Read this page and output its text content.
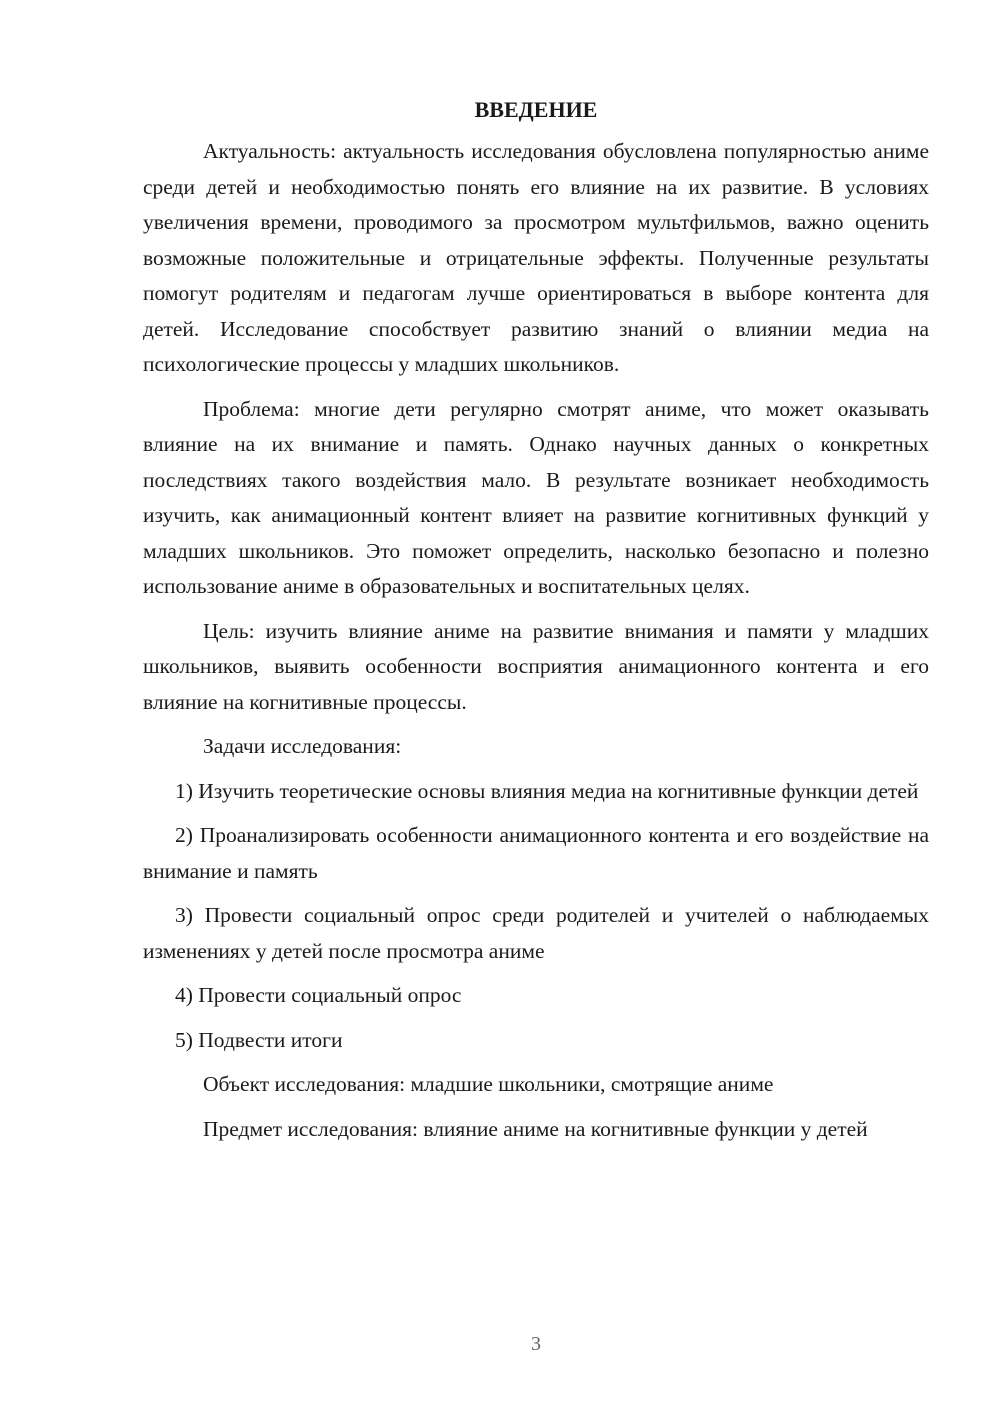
ВВЕДЕНИЕ

Актуальность: актуальность исследования обусловлена популярностью аниме среди детей и необходимостью понять его влияние на их развитие. В условиях увеличения времени, проводимого за просмотром мультфильмов, важно оценить возможные положительные и отрицательные эффекты. Полученные результаты помогут родителям и педагогам лучше ориентироваться в выборе контента для детей. Исследование способствует развитию знаний о влиянии медиа на психологические процессы у младших школьников.

Проблема: многие дети регулярно смотрят аниме, что может оказывать влияние на их внимание и память. Однако научных данных о конкретных последствиях такого воздействия мало. В результате возникает необходимость изучить, как анимационный контент влияет на развитие когнитивных функций у младших школьников. Это поможет определить, насколько безопасно и полезно использование аниме в образовательных и воспитательных целях.

Цель: изучить влияние аниме на развитие внимания и памяти у младших школьников, выявить особенности восприятия анимационного контента и его влияние на когнитивные процессы.

Задачи исследования:

1) Изучить теоретические основы влияния медиа на когнитивные функции детей

2) Проанализировать особенности анимационного контента и его воздействие на внимание и память

3) Провести социальный опрос среди родителей и учителей о наблюдаемых изменениях у детей после просмотра аниме

4) Провести социальный опрос

5) Подвести итоги

Объект исследования: младшие школьники, смотрящие аниме

Предмет исследования: влияние аниме на когнитивные функции у детей

3
